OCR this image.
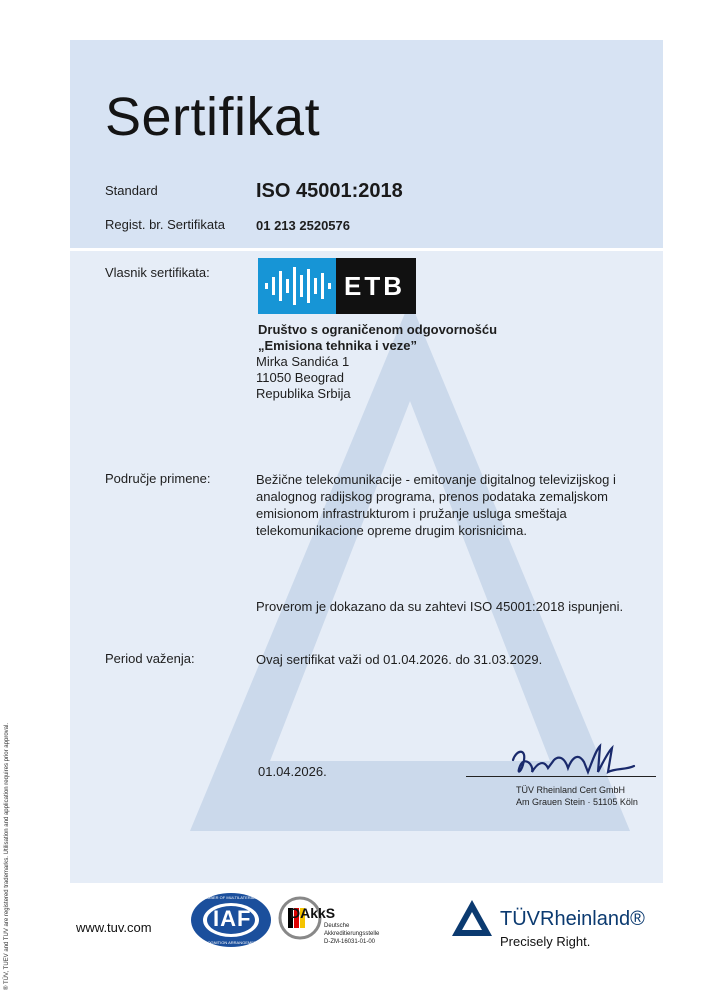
Sertifikat
Standard	ISO 45001:2018
Regist. br. Sertifikata 01 213 2520576
Vlasnik sertifikata:	ETB
Društvo s ograničenom odgovornošću
„Emisiona tehnika i veze”
Mirka Sandića 1
11050 Beograd
Republika Srbija
Područje primene:	Bežične telekomunikacije - emitovanje digitalnog televizijskog i
analognog radijskog programa, prenos podataka zemaljskom
emisionom infrastrukturom i pružanje usluga smeštaja
telekomunikacione opreme drugim korisnicima.
Proverom je dokazano da su zahtevi ISO 45001:2018 ispunjeni.
Period važenja:	Ovaj sertifikat važi od 01.04.2026. do 31.03.2029.
01.04.2026.
TÜV Rheinland Cert GmbH
Am Grauen Stein · 51105 Köln
® TÜV, TUEV and TUV are registered trademarks. Utilisation and application requires prior approval.	www.tuv.com	IAF
MEMBER OF MULTILATERAL
RECOGNITION ARRANGEMENT
DAkkS
Deutsche
Akkreditierungsstelle
D-ZM-16031-01-00
TÜVRheinland®
Precisely Right.
